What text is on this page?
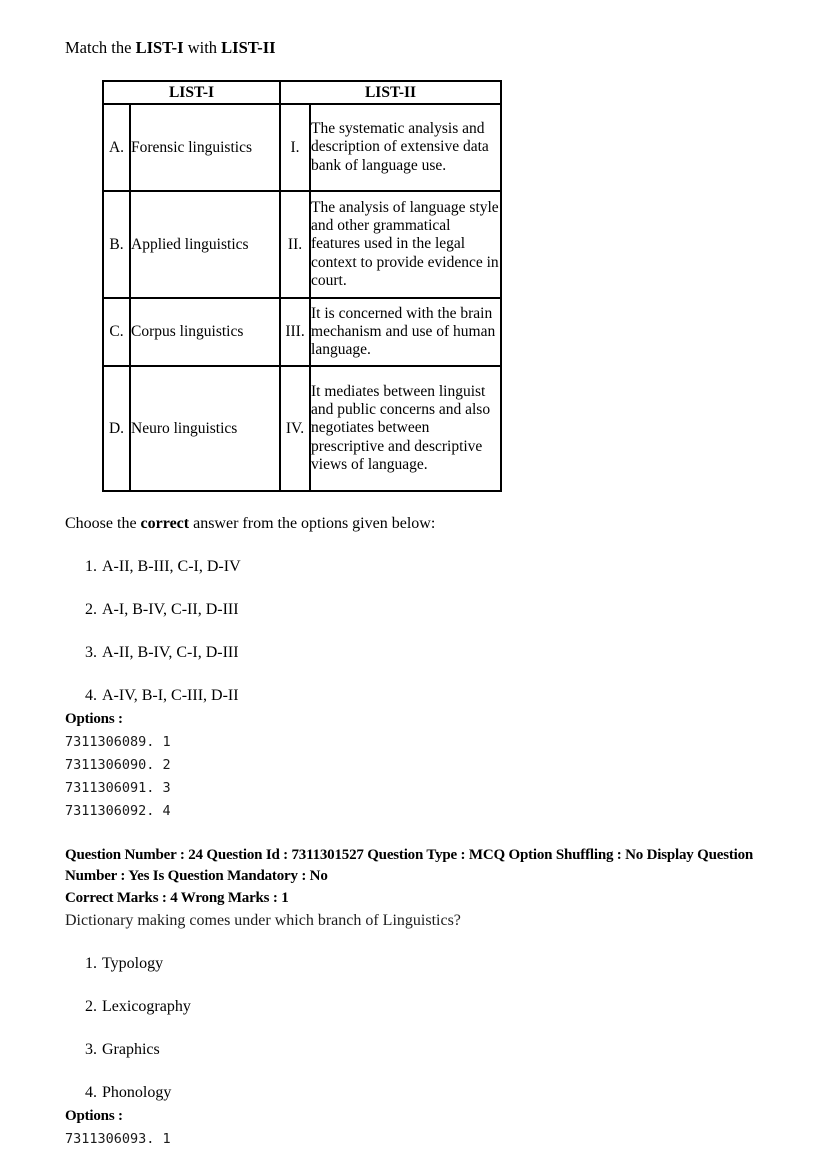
Match the LIST-I with LIST-II

LIST-I		LIST-II	
A.	Forensic linguistics	I.	The systematic analysis and description of extensive data bank of language use.
B.	Applied linguistics	II.	The analysis of language style and other grammatical features used in the legal context to provide evidence in court.
C.	Corpus linguistics	III.	It is concerned with the brain mechanism and use of human language.
D.	Neuro linguistics	IV.	It mediates between linguist and public concerns and also negotiates between prescriptive and descriptive views of language.

Choose the correct answer from the options given below:

1. A-II, B-III, C-I, D-IV
2. A-I, B-IV, C-II, D-III
3. A-II, B-IV, C-I, D-III
4. A-IV, B-I, C-III, D-II
Options :
7311306089. 1
7311306090. 2
7311306091. 3
7311306092. 4
Question Number : 24 Question Id : 7311301527 Question Type : MCQ Option Shuffling : No Display Question Number : Yes Is Question Mandatory : No
Correct Marks : 4 Wrong Marks : 1
Dictionary making comes under which branch of Linguistics?
1. Typology
2. Lexicography
3. Graphics
4. Phonology
Options :
7311306093. 1
